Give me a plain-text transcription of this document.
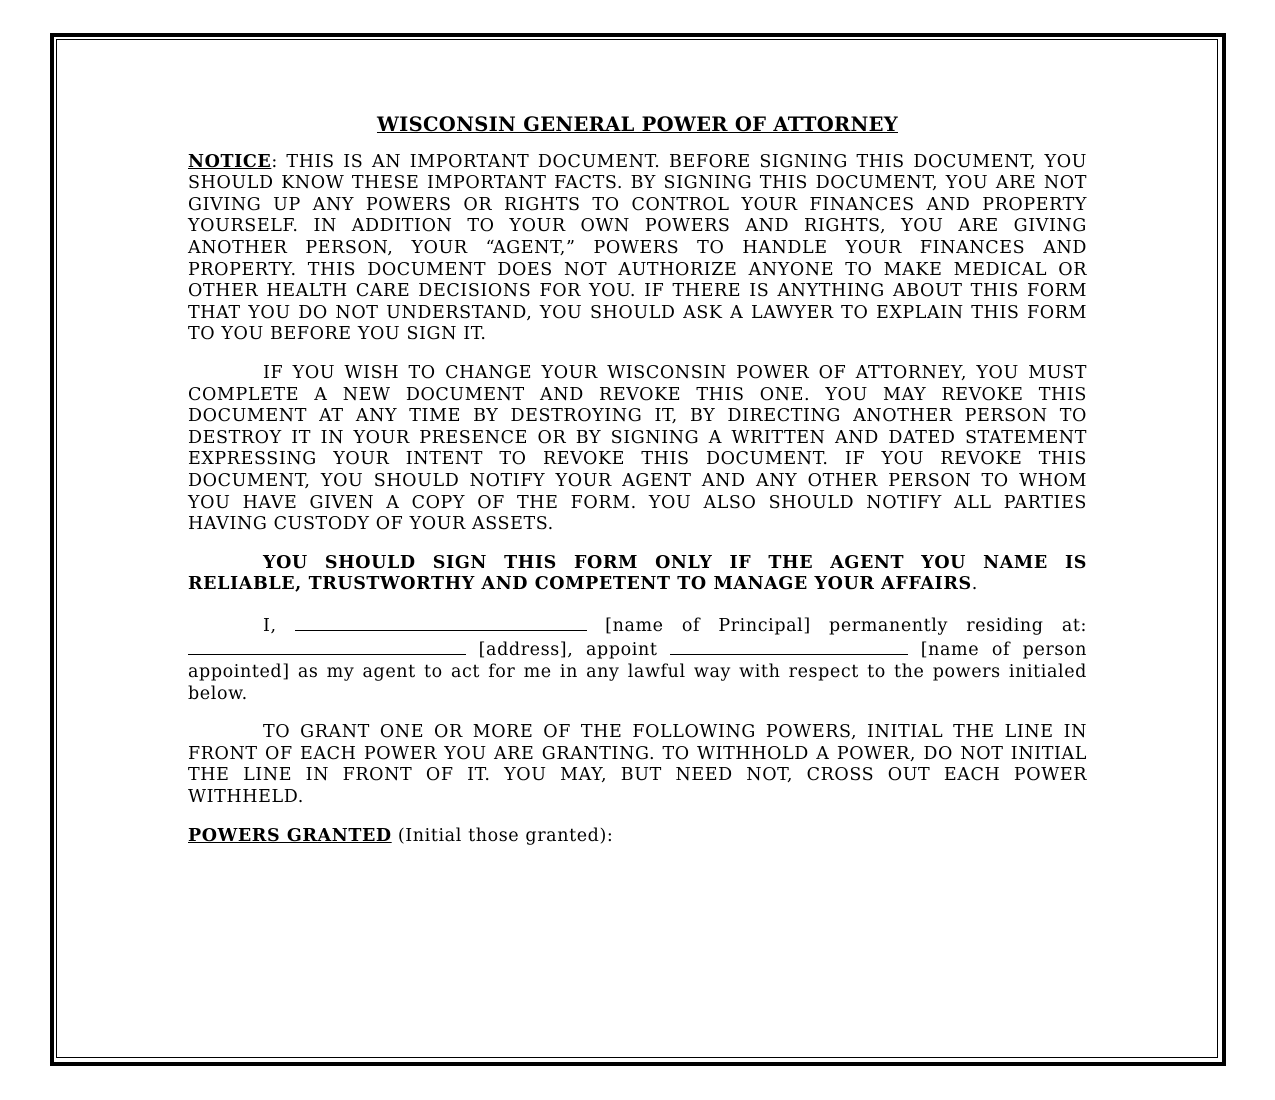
WISCONSIN GENERAL POWER OF ATTORNEY

NOTICE: THIS IS AN IMPORTANT DOCUMENT. BEFORE SIGNING THIS DOCUMENT, YOU SHOULD KNOW THESE IMPORTANT FACTS. BY SIGNING THIS DOCUMENT, YOU ARE NOT GIVING UP ANY POWERS OR RIGHTS TO CONTROL YOUR FINANCES AND PROPERTY YOURSELF. IN ADDITION TO YOUR OWN POWERS AND RIGHTS, YOU ARE GIVING ANOTHER PERSON, YOUR “AGENT,” POWERS TO HANDLE YOUR FINANCES AND PROPERTY. THIS DOCUMENT DOES NOT AUTHORIZE ANYONE TO MAKE MEDICAL OR OTHER HEALTH CARE DECISIONS FOR YOU. IF THERE IS ANYTHING ABOUT THIS FORM THAT YOU DO NOT UNDERSTAND, YOU SHOULD ASK A LAWYER TO EXPLAIN THIS FORM TO YOU BEFORE YOU SIGN IT.

IF YOU WISH TO CHANGE YOUR WISCONSIN POWER OF ATTORNEY, YOU MUST COMPLETE A NEW DOCUMENT AND REVOKE THIS ONE. YOU MAY REVOKE THIS DOCUMENT AT ANY TIME BY DESTROYING IT, BY DIRECTING ANOTHER PERSON TO DESTROY IT IN YOUR PRESENCE OR BY SIGNING A WRITTEN AND DATED STATEMENT EXPRESSING YOUR INTENT TO REVOKE THIS DOCUMENT. IF YOU REVOKE THIS DOCUMENT, YOU SHOULD NOTIFY YOUR AGENT AND ANY OTHER PERSON TO WHOM YOU HAVE GIVEN A COPY OF THE FORM. YOU ALSO SHOULD NOTIFY ALL PARTIES HAVING CUSTODY OF YOUR ASSETS.

YOU SHOULD SIGN THIS FORM ONLY IF THE AGENT YOU NAME IS RELIABLE, TRUSTWORTHY AND COMPETENT TO MANAGE YOUR AFFAIRS.

I,	[name of Principal] permanently residing at:  [address], appoint	[name of person appointed] as my agent to act for me in any lawful way with respect to the powers initialed below.

TO GRANT ONE OR MORE OF THE FOLLOWING POWERS, INITIAL THE LINE IN FRONT OF EACH POWER YOU ARE GRANTING. TO WITHHOLD A POWER, DO NOT INITIAL THE LINE IN FRONT OF IT. YOU MAY, BUT NEED NOT, CROSS OUT EACH POWER WITHHELD.

POWERS GRANTED (Initial those granted):
